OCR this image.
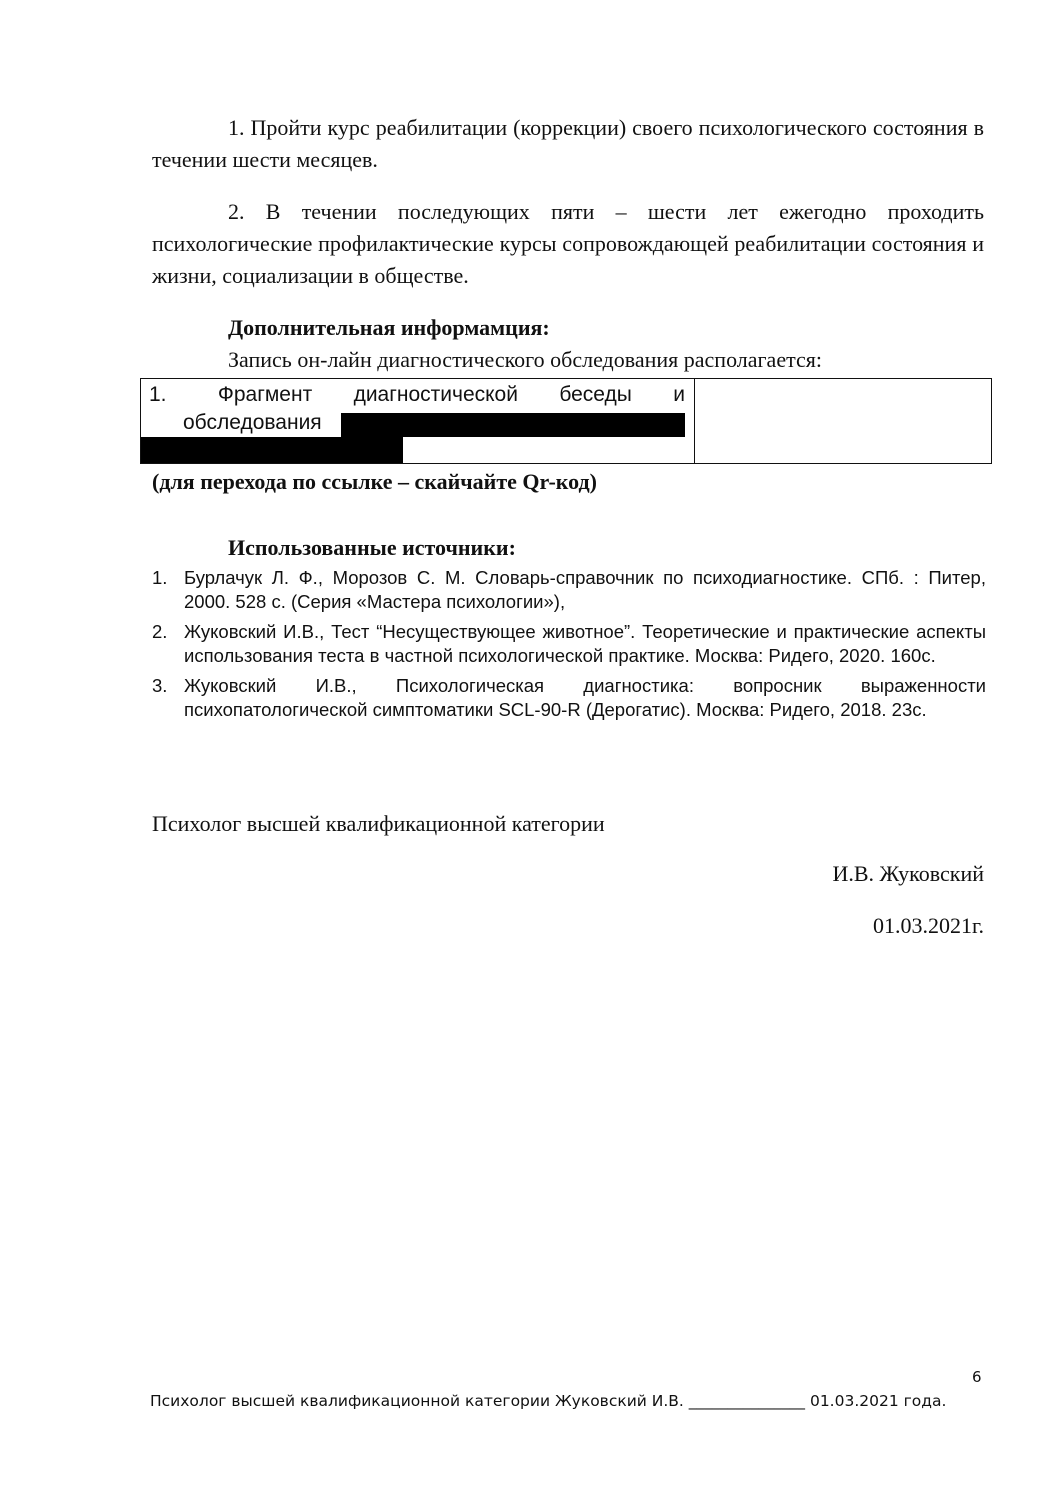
1. Пройти курс реабилитации (коррекции) своего психологического состояния в течении шести месяцев.

2. В течении последующих пяти – шести лет ежегодно проходить психологические профилактические курсы сопровождающей реабилитации состояния и жизни, социализации в обществе.

Дополнительная информамция:
Запись он-лайн диагностического обследования располагается:
1. Фрагмент диагностической беседы и
обследования
(для перехода по ссылке – скайчайте Qr-код)
Использованные источники:
1. Бурлачук Л. Ф., Морозов С. М. Словарь-справочник по психодиагностике. СПб. : Питер, 2000. 528 с. (Серия «Мастера психологии»),
2. Жуковский И.В., Тест “Несуществующее животное”. Теоретические и практические аспекты использования теста в частной психологической практике. Москва: Ридего, 2020. 160с.
3. Жуковский И.В., Психологическая диагностика: вопросник выраженности психопатологической симптоматики SCL-90-R (Дерогатис). Москва: Ридего, 2018. 23с.
Психолог высшей квалификационной категории
И.В. Жуковский
01.03.2021г.
6
Психолог высшей квалификационной категории Жуковский И.В. _______________ 01.03.2021 года.
